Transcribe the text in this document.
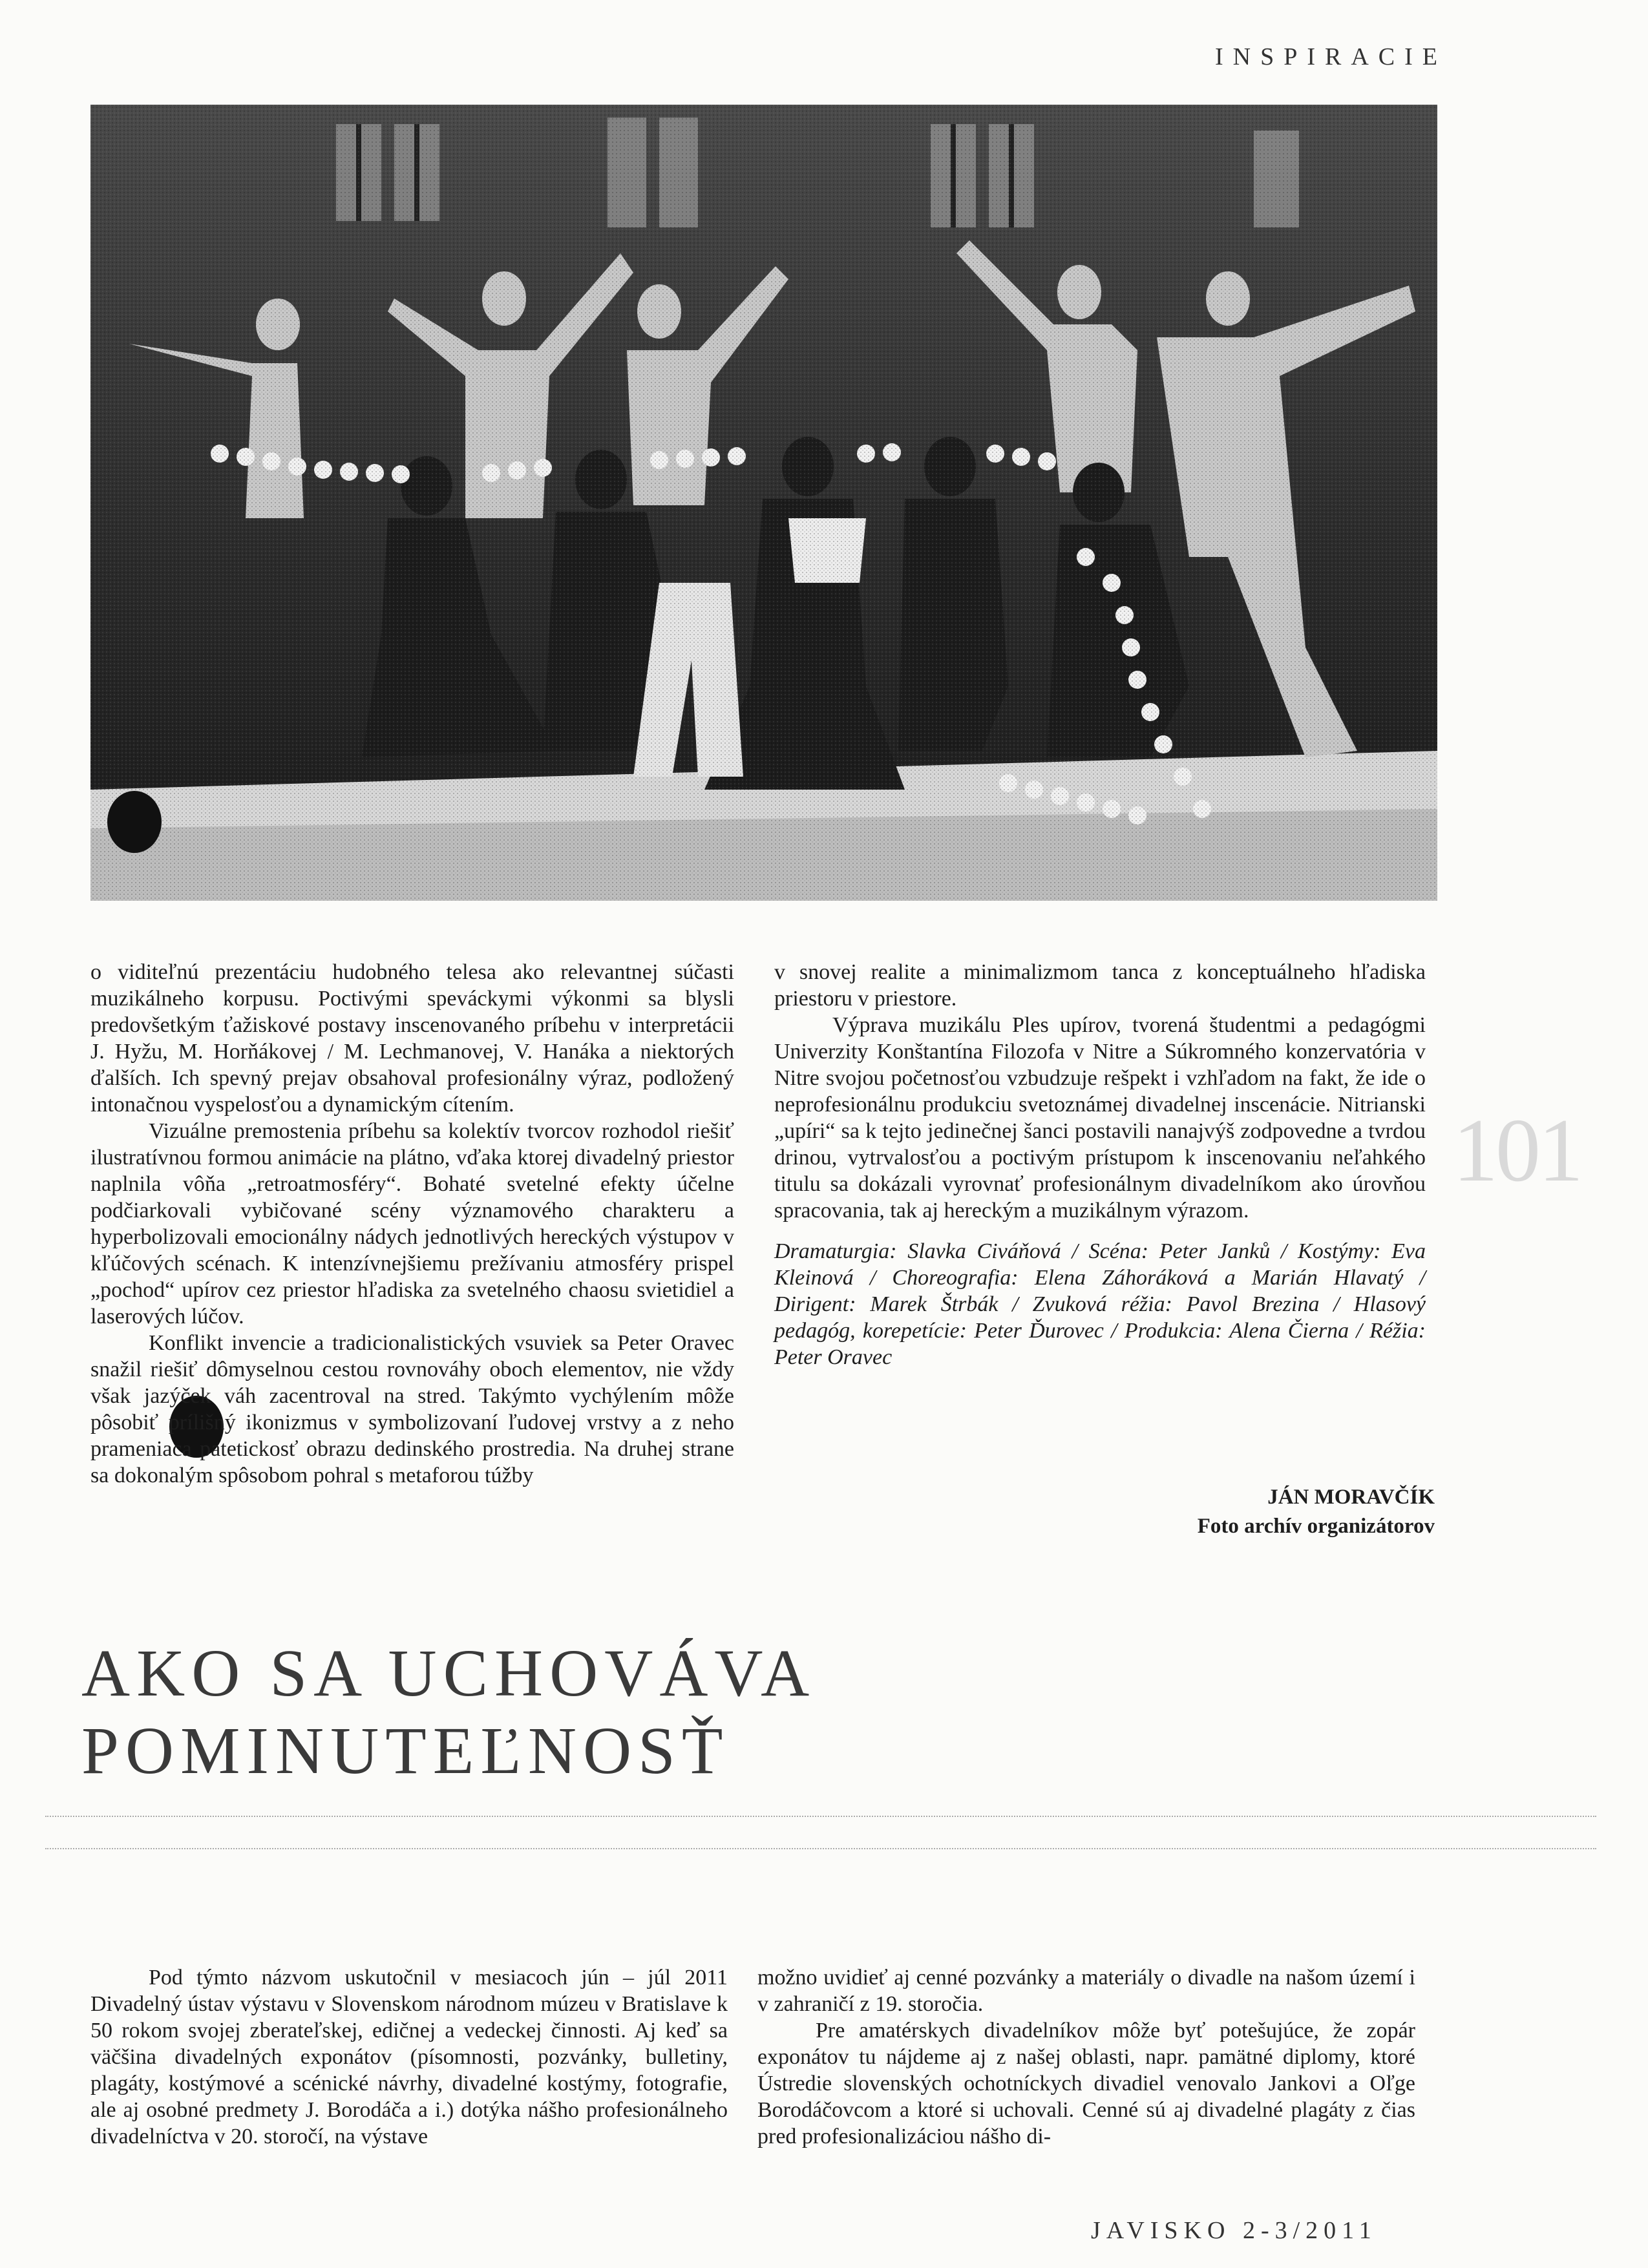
INSPIRACIE

o viditeľnú prezentáciu hudobného telesa ako relevantnej súčasti muzikálneho korpusu. Poctivými speváckymi výkonmi sa blysli predovšetkým ťažiskové postavy inscenovaného príbehu v interpretácii J. Hyžu, M. Horňákovej / M. Lechmanovej, V. Hanáka a niektorých ďalších. Ich spevný prejav obsahoval profesionálny výraz, podložený intonačnou vyspelosťou a dynamickým cítením.

Vizuálne premostenia príbehu sa kolektív tvorcov rozhodol riešiť ilustratívnou formou animácie na plátno, vďaka ktorej divadelný priestor naplnila vôňa „retroatmosféry“. Bohaté svetelné efekty účelne podčiarkovali vybičované scény významového charakteru a hyperbolizovali emocionálny nádych jednotlivých hereckých výstupov v kľúčových scénach. K intenzívnejšiemu prežívaniu atmosféry prispel „pochod“ upírov cez priestor hľadiska za svetelného chaosu svietidiel a laserových lúčov.

Konflikt invencie a tradicionalistických vsuviek sa Peter Oravec snažil riešiť dômyselnou cestou rovnováhy oboch elementov, nie vždy však jazýček váh zacentroval na stred. Takýmto vychýlením môže pôsobiť prílišný ikonizmus v symbolizovaní ľudovej vrstvy a z neho prameniaca patetickosť obrazu dedinského prostredia. Na druhej strane sa dokonalým spôsobom pohral s metaforou túžby

v snovej realite a minimalizmom tanca z konceptuálneho hľadiska priestoru v priestore.

Výprava muzikálu Ples upírov, tvorená študentmi a pedagógmi Univerzity Konštantína Filozofa v Nitre a Súkromného konzervatória v Nitre svojou početnosťou vzbudzuje rešpekt i vzhľadom na fakt, že ide o neprofesionálnu produkciu svetoznámej divadelnej inscenácie. Nitrianski „upíri“ sa k tejto jedinečnej šanci postavili nanajvýš zodpovedne a tvrdou drinou, vytrvalosťou a poctivým prístupom k inscenovaniu neľahkého titulu sa dokázali vyrovnať profesionálnym divadelníkom ako úrovňou spracovania, tak aj hereckým a muzikálnym výrazom.

Dramaturgia: Slavka Civáňová / Scéna: Peter Janků / Kostýmy: Eva Kleinová / Choreografia: Elena Záhoráková a Marián Hlavatý / Dirigent: Marek Štrbák / Zvuková réžia: Pavol Brezina / Hlasový pedagóg, korepetície: Peter Ďurovec / Produkcia: Alena Čierna / Réžia: Peter Oravec

JÁN MORAVČÍK
Foto archív organizátorov
101
AKO SA UCHOVÁVA
POMINUTEĽNOSŤ

Pod týmto názvom uskutočnil v mesiacoch jún – júl 2011 Divadelný ústav výstavu v Slovenskom národnom múzeu v Bratislave k 50 rokom svojej zberateľskej, edičnej a vedeckej činnosti. Aj keď sa väčšina divadelných exponátov (písomnosti, pozvánky, bulletiny, plagáty, kostýmové a scénické návrhy, divadelné kostýmy, fotografie, ale aj osobné predmety J. Borodáča a i.) dotýka nášho profesionálneho divadelníctva v 20. storočí, na výstave

možno uvidieť aj cenné pozvánky a materiály o divadle na našom území i v zahraničí z 19. storočia.

Pre amatérskych divadelníkov môže byť potešujúce, že zopár exponátov tu nájdeme aj z našej oblasti, napr. pamätné diplomy, ktoré Ústredie slovenských ochotníckych divadiel venovalo Jankovi a Oľge Borodáčovcom a ktoré si uchovali. Cenné sú aj divadelné plagáty z čias pred profesionalizáciou nášho di-

JAVISKO 2-3/2011
